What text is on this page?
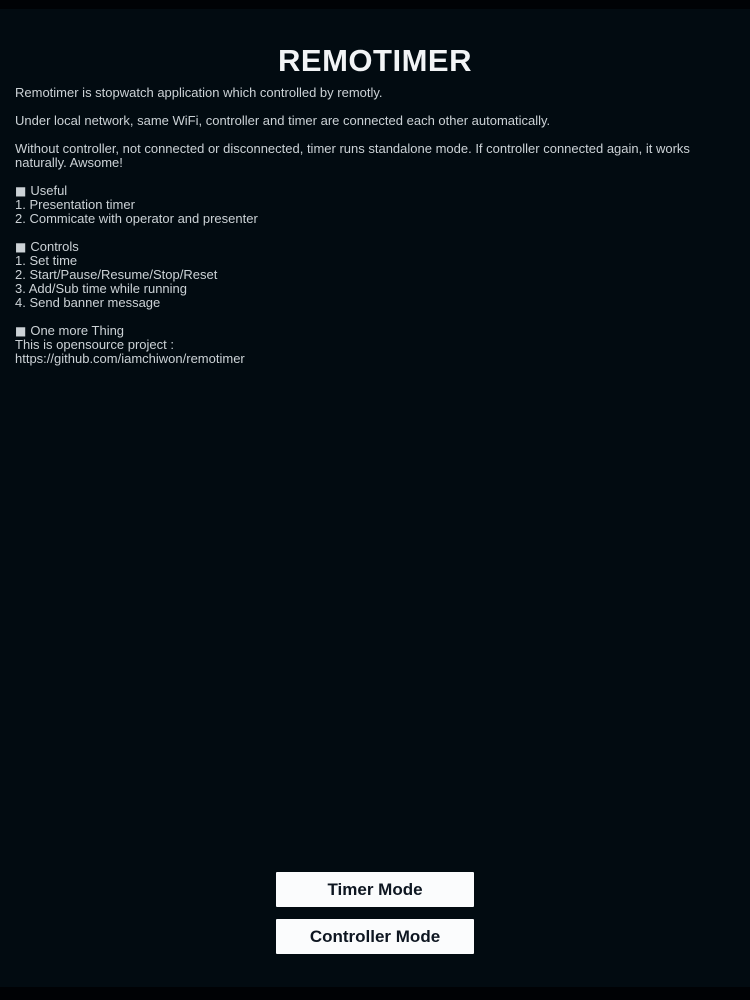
REMOTIMER

Remotimer is stopwatch application which controlled by remotly.

Under local network, same WiFi, controller and timer are connected each other automatically.

Without controller, not connected or disconnected, timer runs standalone mode. If controller connected again, it works naturally. Awsome!

■ Useful
1. Presentation timer
2. Commicate with operator and presenter
■ Controls
1. Set time
2. Start/Pause/Resume/Stop/Reset
3. Add/Sub time while running
4. Send banner message
■ One more Thing
This is opensource project :
https://github.com/iamchiwon/remotimer
Timer Mode
Controller Mode
